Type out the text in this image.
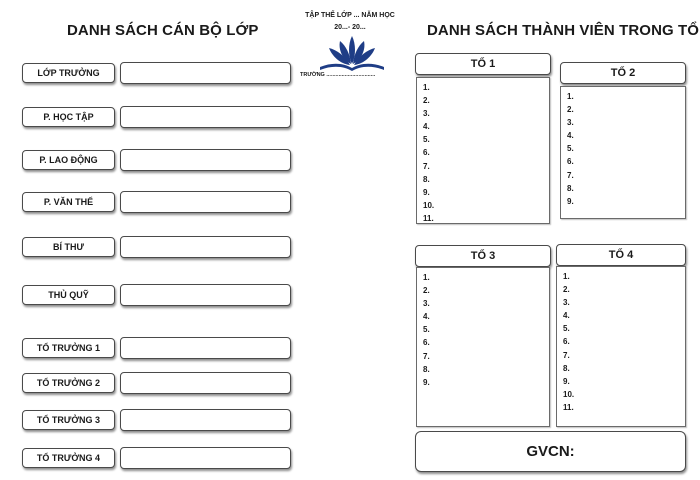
DANH SÁCH CÁN BỘ LỚP
LỚP TRƯỞNG
P. HỌC TẬP
P. LAO ĐỘNG
P. VĂN THỂ
BÍ THƯ
THỦ QUỸ
TỔ TRƯỞNG 1
TỔ TRƯỞNG 2
TỔ TRƯỞNG 3
TỔ TRƯỞNG 4
TẬP THỂ LỚP ... NĂM HỌC
20...- 20...
TRƯỜNG ................................
DANH SÁCH THÀNH VIÊN TRONG TỔ
TỔ 1
1.
2.
3.
4.
5.
6.
7.
8.
9.
10.
11.
TỔ 2
1.
2.
3.
4.
5.
6.
7.
8.
9.
TỔ 3
1.
2.
3.
4.
5.
6.
7.
8.
9.
TỔ 4
1.
2.
3.
4.
5.
6.
7.
8.
9.
10.
11.
GVCN:
